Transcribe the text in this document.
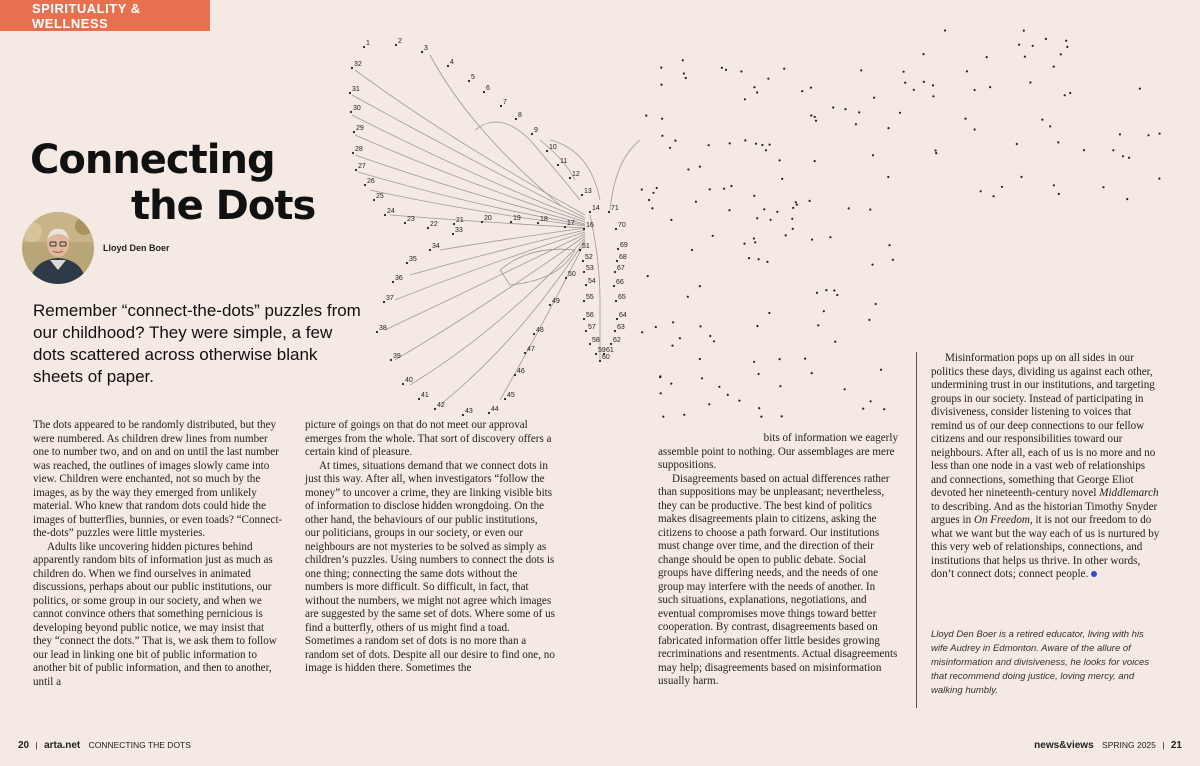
SPIRITUALITY & WELLNESS
1	2
3
4
5
6
7
8
9
10
11
12
13
14
16
17
18
19
20
21
22
23
24
25
26
27
28
29
30
31
32
33
34
35
36
37
38
39
40
41
42
43	44
45
46
47
48
49
50
51
52
53
54
55
56
57
58
59 61
60
62
63
64
65
66
67
68
69
70
71
Connecting
the Dots
Lloyd Den Boer
Remember “connect-the-dots” puzzles from our childhood? They were simple, a few dots scattered across otherwise blank sheets of paper.

The dots appeared to be randomly distributed, but they were numbered. As children drew lines from number one to number two, and on and on until the last number was reached, the outlines of images slowly came into view. Children were enchanted, not so much by the images, as by the way they emerged from unlikely material. Who knew that random dots could hide the images of butterflies, bunnies, or even toads? “Connect-the-dots” puzzles were little mysteries.

Adults like uncovering hidden pictures behind apparently random bits of information just as much as children do. When we find ourselves in animated discussions, perhaps about our public institutions, our politics, or some group in our society, and when we cannot convince others that something pernicious is developing beyond public notice, we may insist that they “connect the dots.” That is, we ask them to follow our lead in linking one bit of public information to another bit of public information, and then to another, until a

picture of goings on that do not meet our approval emerges from the whole. That sort of discovery offers a certain kind of pleasure.

At times, situations demand that we connect dots in just this way. After all, when investigators “follow the money” to uncover a crime, they are linking visible bits of information to disclose hidden wrongdoing. On the other hand, the behaviours of our public institutions, our politicians, groups in our society, or even our neighbours are not mysteries to be solved as simply as children’s puzzles. Using numbers to connect the dots is one thing; connecting the same dots without the numbers is more difficult. So difficult, in fact, that without the numbers, we might not agree which images are suggested by the same set of dots. Where some of us find a butterfly, others of us might find a toad. Sometimes a random set of dots is no more than a random set of dots. Despite all our desire to find one, no image is hidden there. Sometimes the

bits of information we eagerly

assemble point to nothing. Our assemblages are mere suppositions.

Disagreements based on actual differences rather than suppositions may be unpleasant; nevertheless, they can be productive. The best kind of politics makes disagreements plain to citizens, asking the citizens to choose a path forward. Our institutions must change over time, and the direction of their change should be open to public debate. Social groups have differing needs, and the needs of one group may interfere with the needs of another. In such situations, explanations, negotiations, and eventual compromises move things toward better cooperation. By contrast, disagreements based on fabricated information offer little besides growing recriminations and resentments. Actual disagreements may help; disagreements based on misinformation usually harm.

Misinformation pops up on all sides in our politics these days, dividing us against each other, undermining trust in our institutions, and targeting groups in our society. Instead of participating in divisiveness, consider listening to voices that remind us of our deep connections to our fellow citizens and our responsibilities toward our neighbours. After all, each of us is no more and no less than one node in a vast web of relationships and connections, something that George Eliot devoted her nineteenth-century novel Middlemarch to describing. And as the historian Timothy Snyder argues in On Freedom, it is not our freedom to do what we want but the way each of us is nurtured by this very web of relationships, connections, and institutions that helps us thrive. In other words, don’t connect dots; connect people.

Lloyd Den Boer is a retired educator, living with his wife Audrey in Edmonton. Aware of the allure of misinformation and divisiveness, he looks for voices that recommend doing justice, loving mercy, and walking humbly.
20 | arta.net CONNECTING THE DOTS	news&views SPRING 2025 | 21
